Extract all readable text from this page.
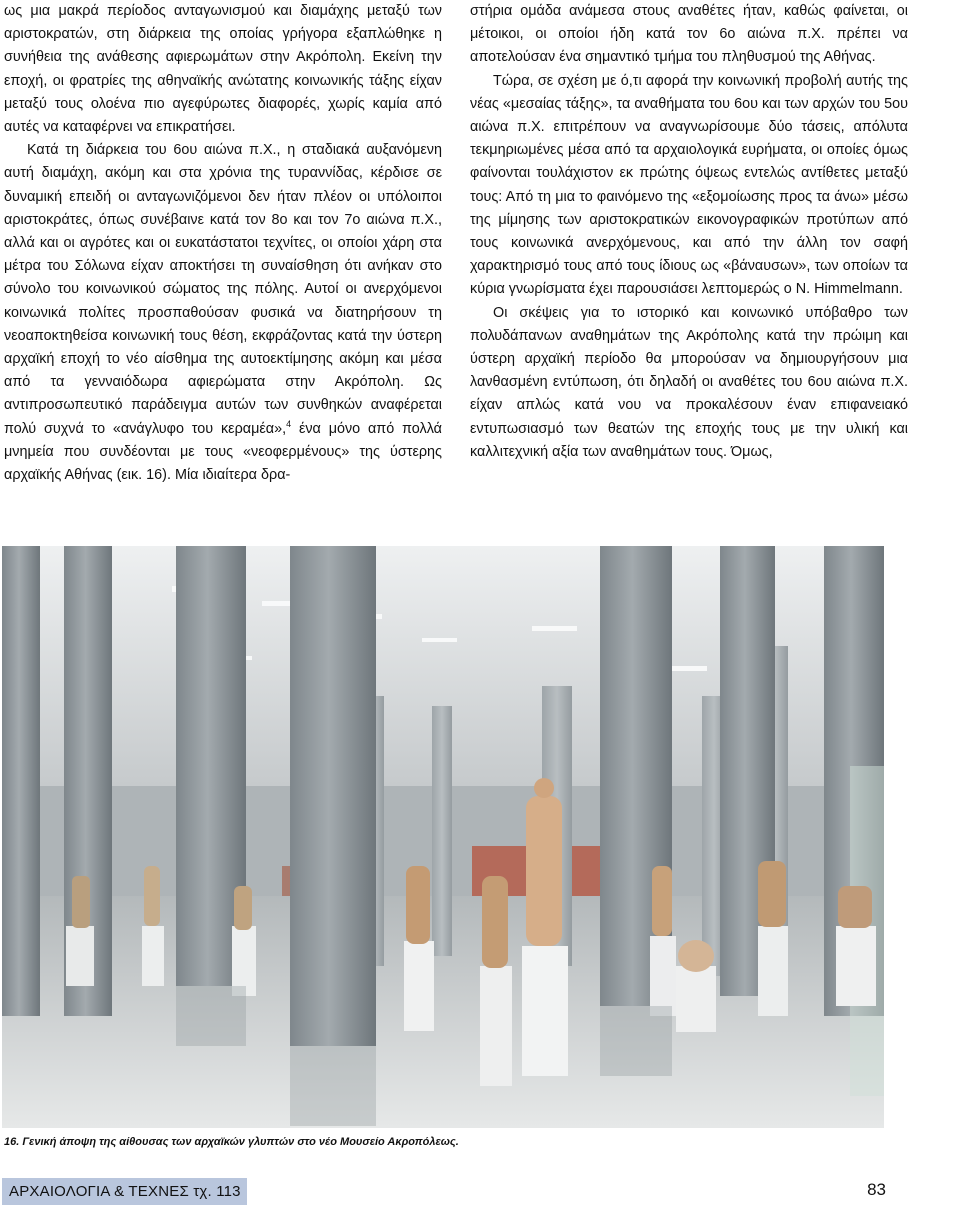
ως μια μακρά περίοδος ανταγωνισμού και διαμάχης μεταξύ των αριστοκρατών, στη διάρκεια της οποίας γρήγορα εξαπλώθηκε η συνήθεια της ανάθεσης αφιερωμάτων στην Ακρόπολη. Εκείνη την εποχή, οι φρατρίες της αθηναϊκής ανώτατης κοινωνικής τάξης είχαν μεταξύ τους ολοένα πιο αγεφύρωτες διαφορές, χωρίς καμία από αυτές να καταφέρνει να επικρατήσει.

Κατά τη διάρκεια του 6ου αιώνα π.Χ., η σταδιακά αυξανόμενη αυτή διαμάχη, ακόμη και στα χρόνια της τυραννίδας, κέρδισε σε δυναμική επειδή οι ανταγωνιζόμενοι δεν ήταν πλέον οι υπόλοιποι αριστοκράτες, όπως συνέβαινε κατά τον 8ο και τον 7ο αιώνα π.Χ., αλλά και οι αγρότες και οι ευκατάστατοι τεχνίτες, οι οποίοι χάρη στα μέτρα του Σόλωνα είχαν αποκτήσει τη συναίσθηση ότι ανήκαν στο σύνολο του κοινωνικού σώματος της πόλης. Αυτοί οι ανερχόμενοι κοινωνικά πολίτες προσπαθούσαν φυσικά να διατηρήσουν τη νεοαποκτηθείσα κοινωνική τους θέση, εκφράζοντας κατά την ύστερη αρχαϊκή εποχή το νέο αίσθημα της αυτοεκτίμησης ακόμη και μέσα από τα γενναιόδωρα αφιερώματα στην Ακρόπολη. Ως αντιπροσωπευτικό παράδειγμα αυτών των συνθηκών αναφέρεται πολύ συχνά το «ανάγλυφο του κεραμέα»,$^4$ ένα μόνο από πολλά μνημεία που συνδέονται με τους «νεοφερμένους» της ύστερης αρχαϊκής Αθήνας (εικ. 16). Μία ιδιαίτερα δρα-

στήρια ομάδα ανάμεσα στους αναθέτες ήταν, καθώς φαίνεται, οι μέτοικοι, οι οποίοι ήδη κατά τον 6ο αιώνα π.Χ. πρέπει να αποτελούσαν ένα σημαντικό τμήμα του πληθυσμού της Αθήνας.

Τώρα, σε σχέση με ό,τι αφορά την κοινωνική προβολή αυτής της νέας «μεσαίας τάξης», τα αναθήματα του 6ου και των αρχών του 5ου αιώνα π.Χ. επιτρέπουν να αναγνωρίσουμε δύο τάσεις, απόλυτα τεκμηριωμένες μέσα από τα αρχαιολογικά ευρήματα, οι οποίες όμως φαίνονται τουλάχιστον εκ πρώτης όψεως εντελώς αντίθετες μεταξύ τους: Από τη μια το φαινόμενο της «εξομοίωσης προς τα άνω» μέσω της μίμησης των αριστοκρατικών εικονογραφικών προτύπων από τους κοινωνικά ανερχόμενους, και από την άλλη τον σαφή χαρακτηρισμό τους από τους ίδιους ως «βάναυσων», των οποίων τα κύρια γνωρίσματα έχει παρουσιάσει λεπτομερώς ο Ν. Himmelmann.

Οι σκέψεις για το ιστορικό και κοινωνικό υπόβαθρο των πολυδάπανων αναθημάτων της Ακρόπολης κατά την πρώιμη και ύστερη αρχαϊκή περίοδο θα μπορούσαν να δημιουργήσουν μια λανθασμένη εντύπωση, ότι δηλαδή οι αναθέτες του 6ου αιώνα π.Χ. είχαν απλώς κατά νου να προκαλέσουν έναν επιφανειακό εντυπωσιασμό των θεατών της εποχής τους με την υλική και καλλιτεχνική αξία των αναθημάτων τους. Όμως,

16. Γενική άποψη της αίθουσας των αρχαϊκών γλυπτών στο νέο Μουσείο Ακροπόλεως.
ΑΡΧΑΙΟΛΟΓΙΑ & ΤΕΧΝΕΣ τχ. 113	83
